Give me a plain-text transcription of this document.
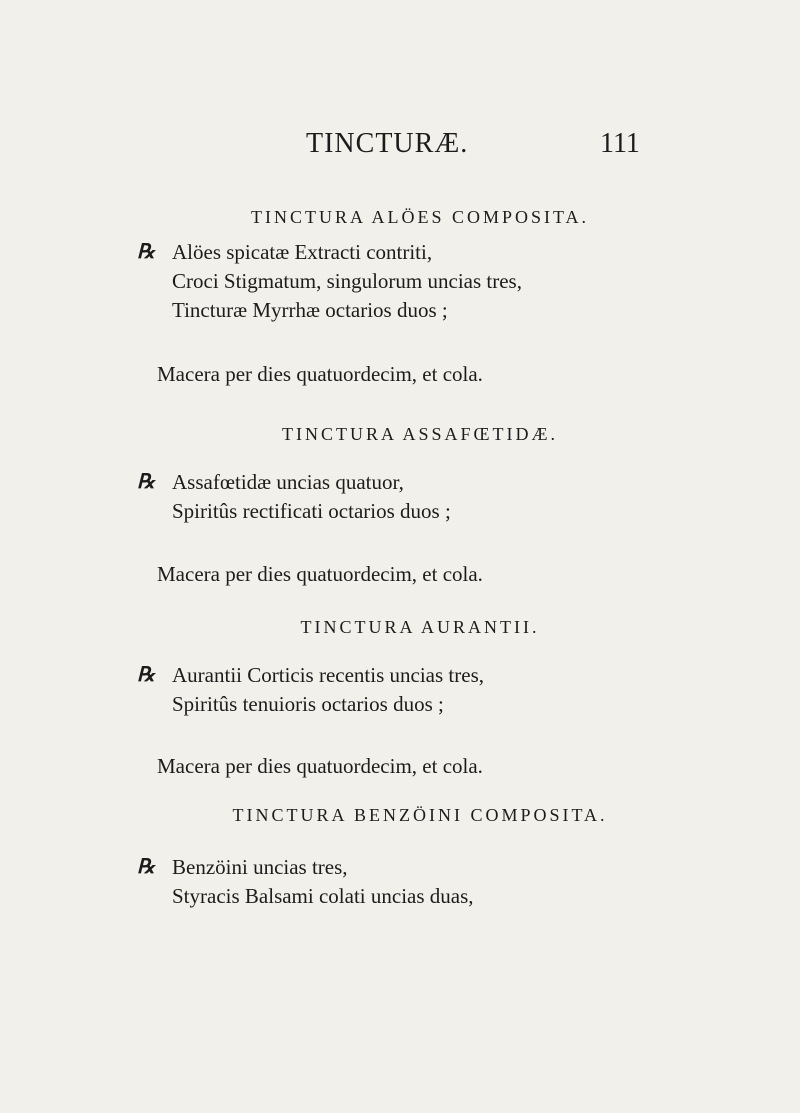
TINCTURÆ.	111
TINCTURA ALÖES COMPOSITA.
℞ Alöes spicatæ Extracti contriti,
Croci Stigmatum, singulorum uncias tres,
Tincturæ Myrrhæ octarios duos ;
Macera per dies quatuordecim, et cola.
TINCTURA ASSAFŒTIDÆ.
℞ Assafœtidæ uncias quatuor,
Spiritûs rectificati octarios duos ;
Macera per dies quatuordecim, et cola.
TINCTURA AURANTII.
℞ Aurantii Corticis recentis uncias tres,
Spiritûs tenuioris octarios duos ;
Macera per dies quatuordecim, et cola.
TINCTURA BENZÖINI COMPOSITA.
℞ Benzöini uncias tres,
Styracis Balsami colati uncias duas,
